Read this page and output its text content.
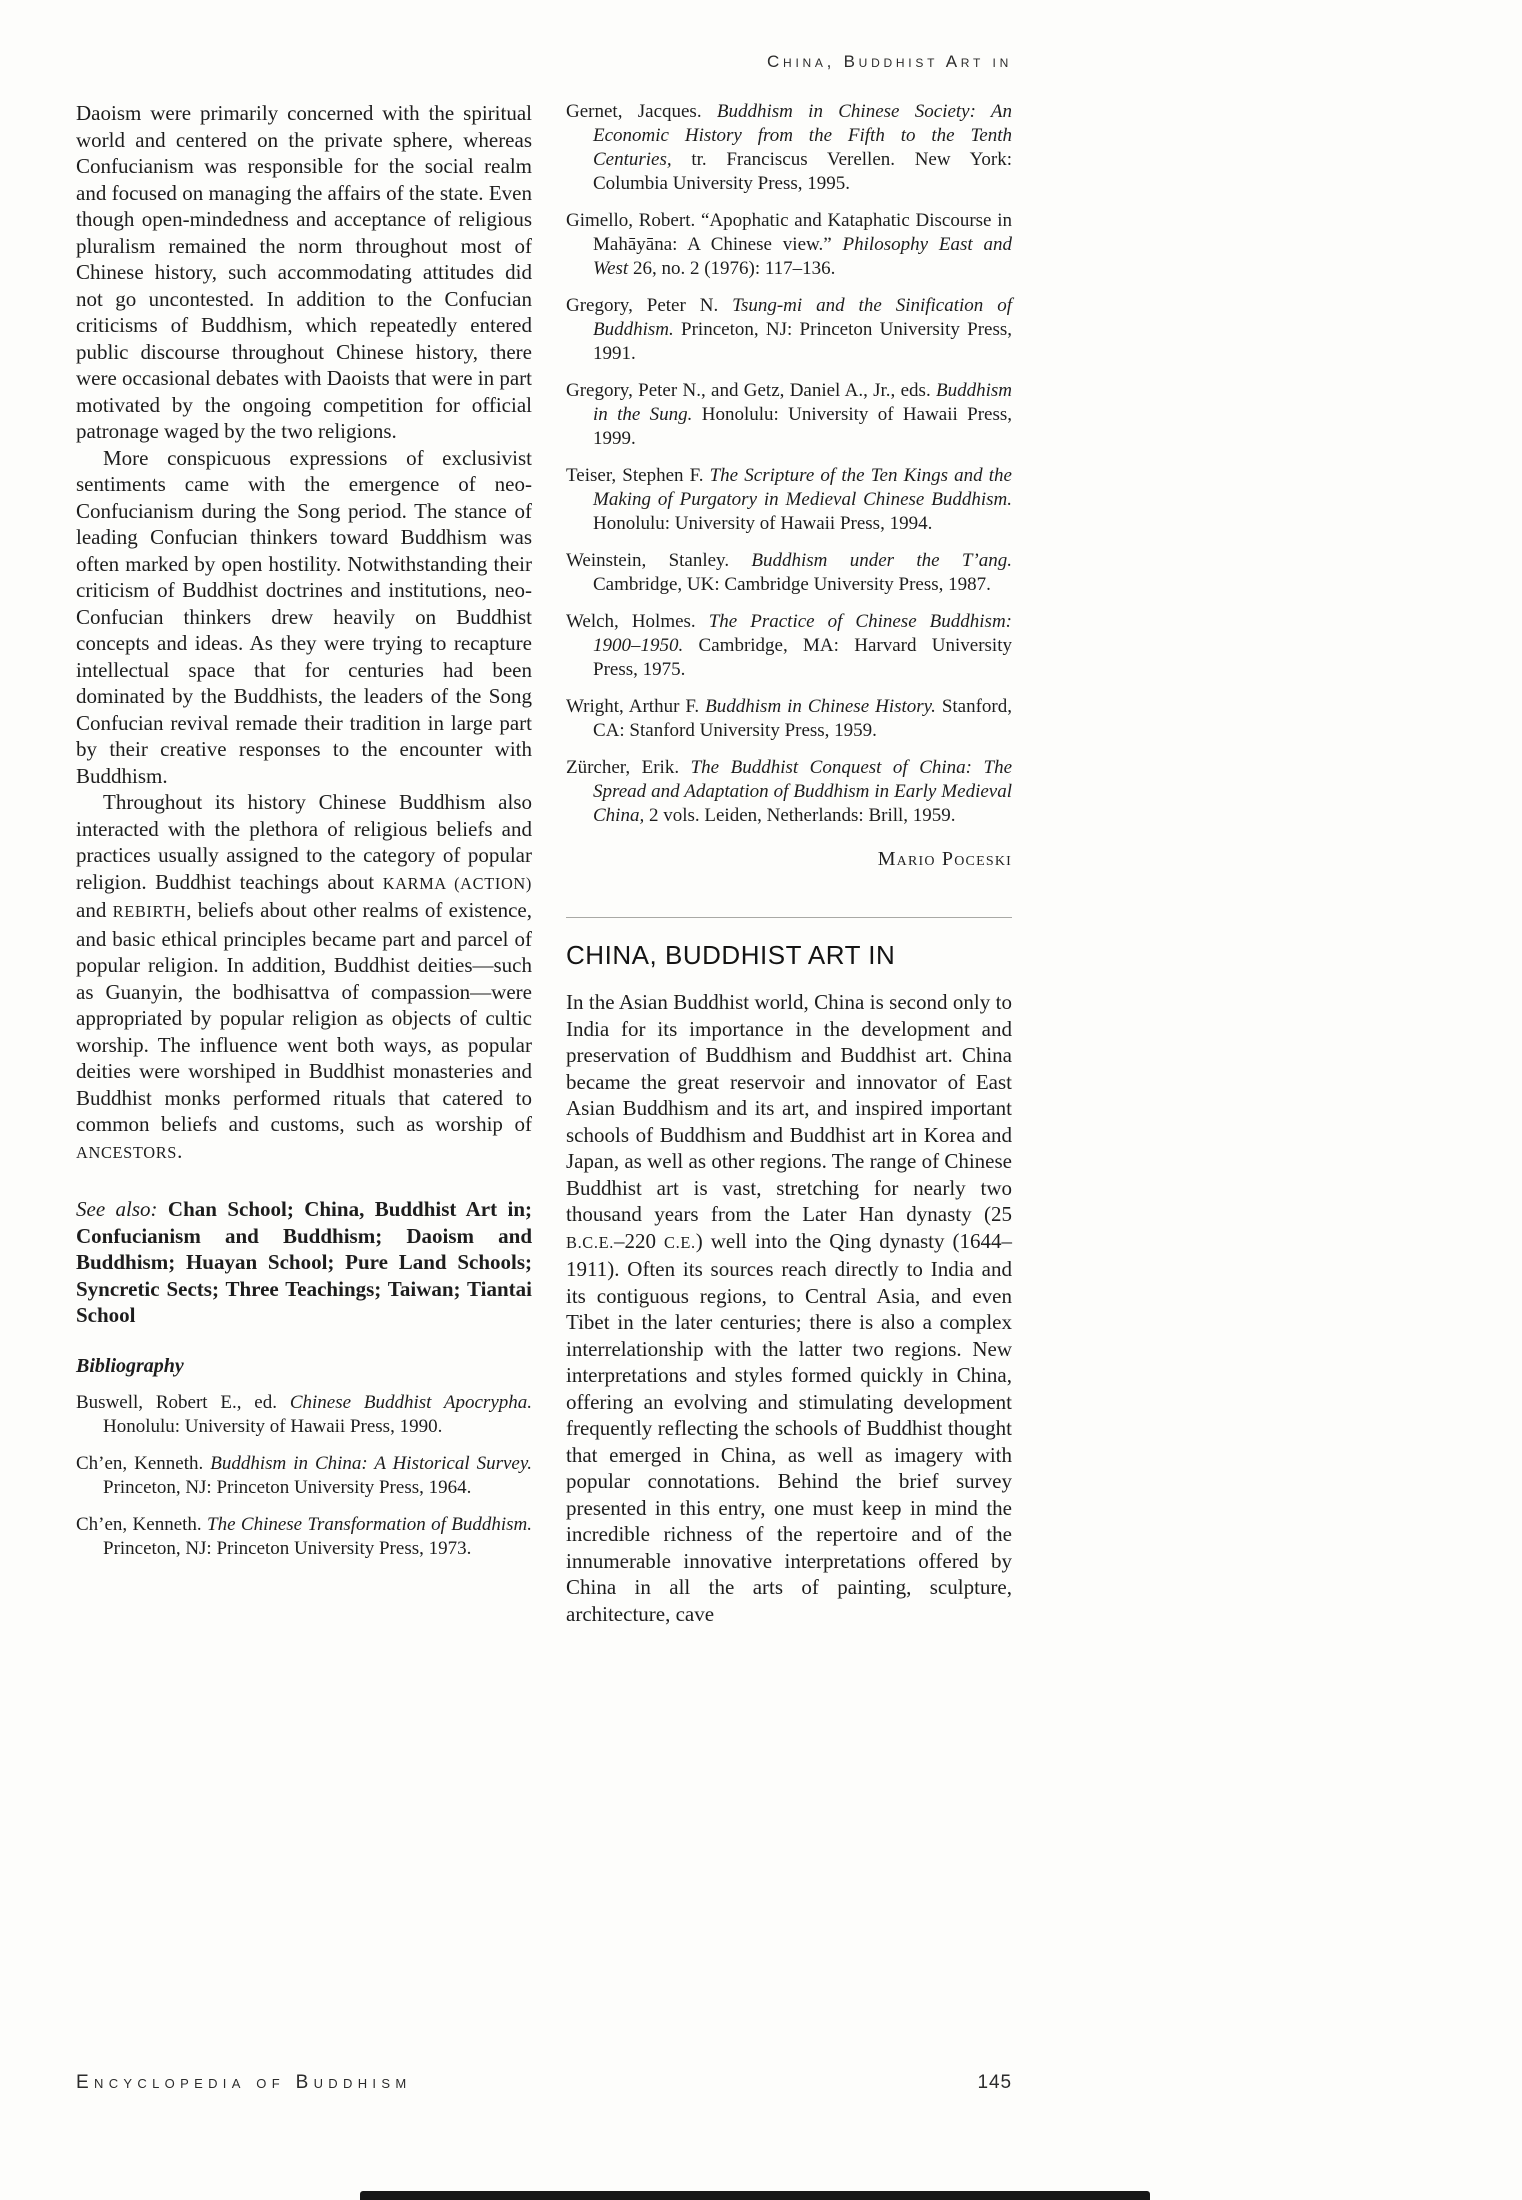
China, Buddhist Art in

Daoism were primarily concerned with the spiritual world and centered on the private sphere, whereas Confucianism was responsible for the social realm and focused on managing the affairs of the state. Even though open-mindedness and acceptance of religious pluralism remained the norm throughout most of Chinese history, such accommodating attitudes did not go uncontested. In addition to the Confucian criticisms of Buddhism, which repeatedly entered public discourse throughout Chinese history, there were occasional debates with Daoists that were in part motivated by the ongoing competition for official patronage waged by the two religions.

More conspicuous expressions of exclusivist sentiments came with the emergence of neo-Confucianism during the Song period. The stance of leading Confucian thinkers toward Buddhism was often marked by open hostility. Notwithstanding their criticism of Buddhist doctrines and institutions, neo-Confucian thinkers drew heavily on Buddhist concepts and ideas. As they were trying to recapture intellectual space that for centuries had been dominated by the Buddhists, the leaders of the Song Confucian revival remade their tradition in large part by their creative responses to the encounter with Buddhism.

Throughout its history Chinese Buddhism also interacted with the plethora of religious beliefs and practices usually assigned to the category of popular religion. Buddhist teachings about KARMA (ACTION) and REBIRTH, beliefs about other realms of existence, and basic ethical principles became part and parcel of popular religion. In addition, Buddhist deities—such as Guanyin, the bodhisattva of compassion—were appropriated by popular religion as objects of cultic worship. The influence went both ways, as popular deities were worshiped in Buddhist monasteries and Buddhist monks performed rituals that catered to common beliefs and customs, such as worship of ANCESTORS.

See also: Chan School; China, Buddhist Art in; Confucianism and Buddhism; Daoism and Buddhism; Huayan School; Pure Land Schools; Syncretic Sects; Three Teachings; Taiwan; Tiantai School

Bibliography

Buswell, Robert E., ed. Chinese Buddhist Apocrypha. Honolulu: University of Hawaii Press, 1990.

Ch’en, Kenneth. Buddhism in China: A Historical Survey. Princeton, NJ: Princeton University Press, 1964.

Ch’en, Kenneth. The Chinese Transformation of Buddhism. Princeton, NJ: Princeton University Press, 1973.

Gernet, Jacques. Buddhism in Chinese Society: An Economic History from the Fifth to the Tenth Centuries, tr. Franciscus Verellen. New York: Columbia University Press, 1995.

Gimello, Robert. “Apophatic and Kataphatic Discourse in Mahāyāna: A Chinese view.” Philosophy East and West 26, no. 2 (1976): 117–136.

Gregory, Peter N. Tsung-mi and the Sinification of Buddhism. Princeton, NJ: Princeton University Press, 1991.

Gregory, Peter N., and Getz, Daniel A., Jr., eds. Buddhism in the Sung. Honolulu: University of Hawaii Press, 1999.

Teiser, Stephen F. The Scripture of the Ten Kings and the Making of Purgatory in Medieval Chinese Buddhism. Honolulu: University of Hawaii Press, 1994.

Weinstein, Stanley. Buddhism under the T’ang. Cambridge, UK: Cambridge University Press, 1987.

Welch, Holmes. The Practice of Chinese Buddhism: 1900–1950. Cambridge, MA: Harvard University Press, 1975.

Wright, Arthur F. Buddhism in Chinese History. Stanford, CA: Stanford University Press, 1959.

Zürcher, Erik. The Buddhist Conquest of China: The Spread and Adaptation of Buddhism in Early Medieval China, 2 vols. Leiden, Netherlands: Brill, 1959.

Mario Poceski
CHINA, BUDDHIST ART IN

In the Asian Buddhist world, China is second only to India for its importance in the development and preservation of Buddhism and Buddhist art. China became the great reservoir and innovator of East Asian Buddhism and its art, and inspired important schools of Buddhism and Buddhist art in Korea and Japan, as well as other regions. The range of Chinese Buddhist art is vast, stretching for nearly two thousand years from the Later Han dynasty (25 B.C.E.–220 C.E.) well into the Qing dynasty (1644–1911). Often its sources reach directly to India and its contiguous regions, to Central Asia, and even Tibet in the later centuries; there is also a complex interrelationship with the latter two regions. New interpretations and styles formed quickly in China, offering an evolving and stimulating development frequently reflecting the schools of Buddhist thought that emerged in China, as well as imagery with popular connotations. Behind the brief survey presented in this entry, one must keep in mind the incredible richness of the repertoire and of the innumerable innovative interpretations offered by China in all the arts of painting, sculpture, architecture, cave

Encyclopedia of Buddhism	145
